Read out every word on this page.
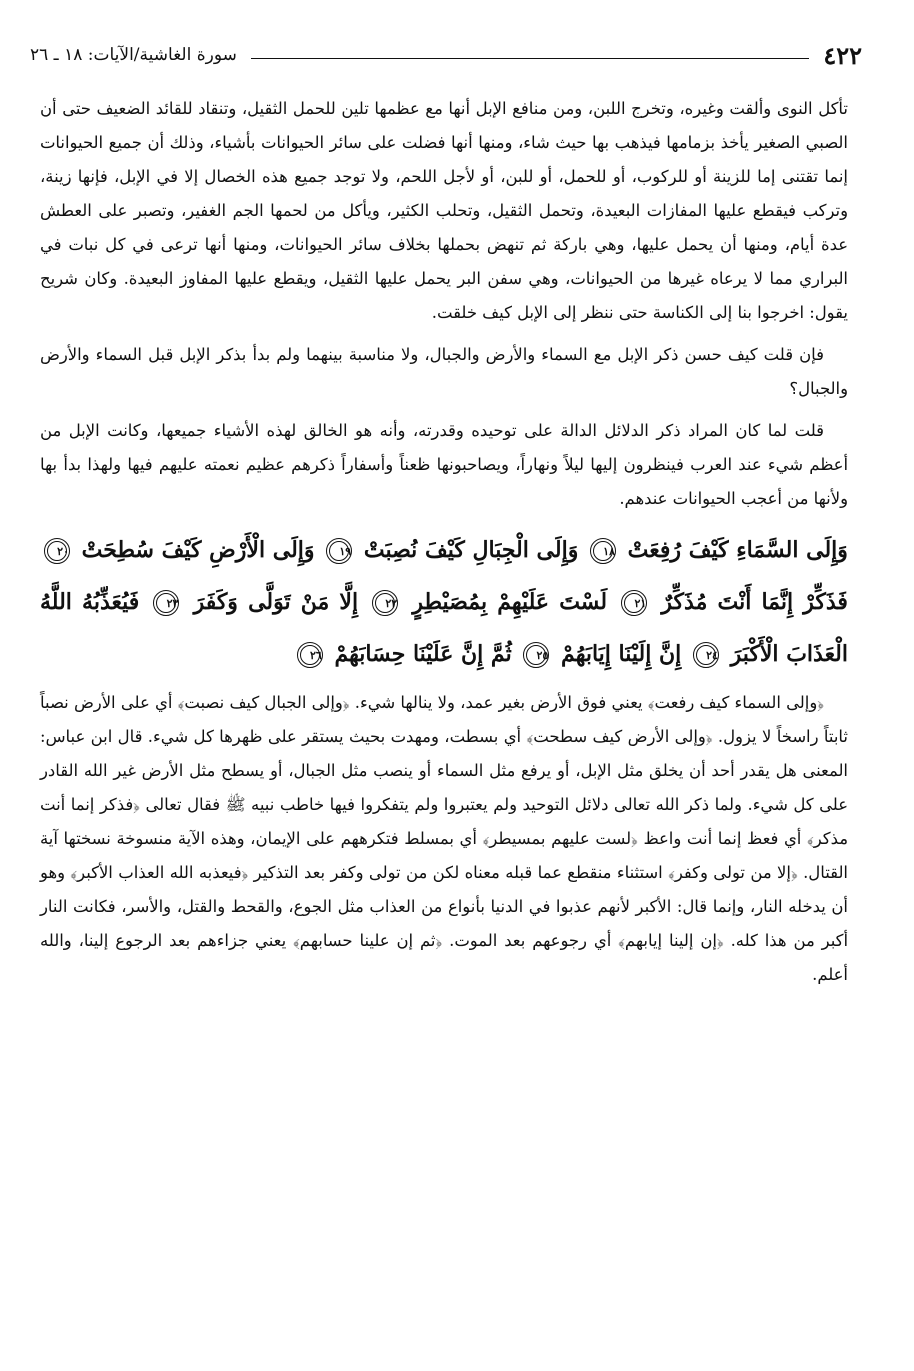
٤٢٢
سورة الغاشية/الآيات: ١٨ ـ ٢٦

تأكل النوى وألقت وغيره، وتخرج اللبن، ومن منافع الإبل أنها مع عظمها تلين للحمل الثقيل، وتنقاد للقائد الضعيف حتى أن الصبي الصغير يأخذ بزمامها فيذهب بها حيث شاء، ومنها أنها فضلت على سائر الحيوانات بأشياء، وذلك أن جميع الحيوانات إنما تقتنى إما للزينة أو للركوب، أو للحمل، أو للبن، أو لأجل اللحم، ولا توجد جميع هذه الخصال إلا في الإبل، فإنها زينة، وتركب فيقطع عليها المفازات البعيدة، وتحمل الثقيل، وتحلب الكثير، ويأكل من لحمها الجم الغفير، وتصبر على العطش عدة أيام، ومنها أن يحمل عليها، وهي باركة ثم تنهض بحملها بخلاف سائر الحيوانات، ومنها أنها ترعى في كل نبات في البراري مما لا يرعاه غيرها من الحيوانات، وهي سفن البر يحمل عليها الثقيل، ويقطع عليها المفاوز البعيدة. وكان شريح يقول: اخرجوا بنا إلى الكناسة حتى ننظر إلى الإبل كيف خلقت.

فإن قلت كيف حسن ذكر الإبل مع السماء والأرض والجبال، ولا مناسبة بينهما ولم بدأ بذكر الإبل قبل السماء والأرض والجبال؟

قلت لما كان المراد ذكر الدلائل الدالة على توحيده وقدرته، وأنه هو الخالق لهذه الأشياء جميعها، وكانت الإبل من أعظم شيء عند العرب فينظرون إليها ليلاً ونهاراً، ويصاحبونها ظعناً وأسفاراً ذكرهم عظيم نعمته عليهم فيها ولهذا بدأ بها ولأنها من أعجب الحيوانات عندهم.

وَإِلَى السَّمَاءِ كَيْفَ رُفِعَتْ ١٨ وَإِلَى الْجِبَالِ كَيْفَ نُصِبَتْ ١٩ وَإِلَى الْأَرْضِ كَيْفَ سُطِحَتْ ٢٠ فَذَكِّرْ إِنَّمَا أَنْتَ مُذَكِّرٌ ٢١ لَسْتَ عَلَيْهِمْ بِمُصَيْطِرٍ ٢٢ إِلَّا مَنْ تَوَلَّى وَكَفَرَ ٢٣ فَيُعَذِّبُهُ اللَّهُ الْعَذَابَ الْأَكْبَرَ ٢٤ إِنَّ إِلَيْنَا إِيَابَهُمْ ٢٥ ثُمَّ إِنَّ عَلَيْنَا حِسَابَهُمْ ٢٦

﴿وإلى السماء كيف رفعت﴾ يعني فوق الأرض بغير عمد، ولا ينالها شيء. ﴿وإلى الجبال كيف نصبت﴾ أي على الأرض نصباً ثابتاً راسخاً لا يزول. ﴿وإلى الأرض كيف سطحت﴾ أي بسطت، ومهدت بحيث يستقر على ظهرها كل شيء. قال ابن عباس: المعنى هل يقدر أحد أن يخلق مثل الإبل، أو يرفع مثل السماء أو ينصب مثل الجبال، أو يسطح مثل الأرض غير الله القادر على كل شيء. ولما ذكر الله تعالى دلائل التوحيد ولم يعتبروا ولم يتفكروا فيها خاطب نبيه ﷺ فقال تعالى ﴿فذكر إنما أنت مذكر﴾ أي فعظ إنما أنت واعظ ﴿لست عليهم بمسيطر﴾ أي بمسلط فتكرههم على الإيمان، وهذه الآية منسوخة نسختها آية القتال. ﴿إلا من تولى وكفر﴾ استثناء منقطع عما قبله معناه لكن من تولى وكفر بعد التذكير ﴿فيعذبه الله العذاب الأكبر﴾ وهو أن يدخله النار، وإنما قال: الأكبر لأنهم عذبوا في الدنيا بأنواع من العذاب مثل الجوع، والقحط والقتل، والأسر، فكانت النار أكبر من هذا كله. ﴿إن إلينا إيابهم﴾ أي رجوعهم بعد الموت. ﴿ثم إن علينا حسابهم﴾ يعني جزاءهم بعد الرجوع إلينا، والله أعلم.
